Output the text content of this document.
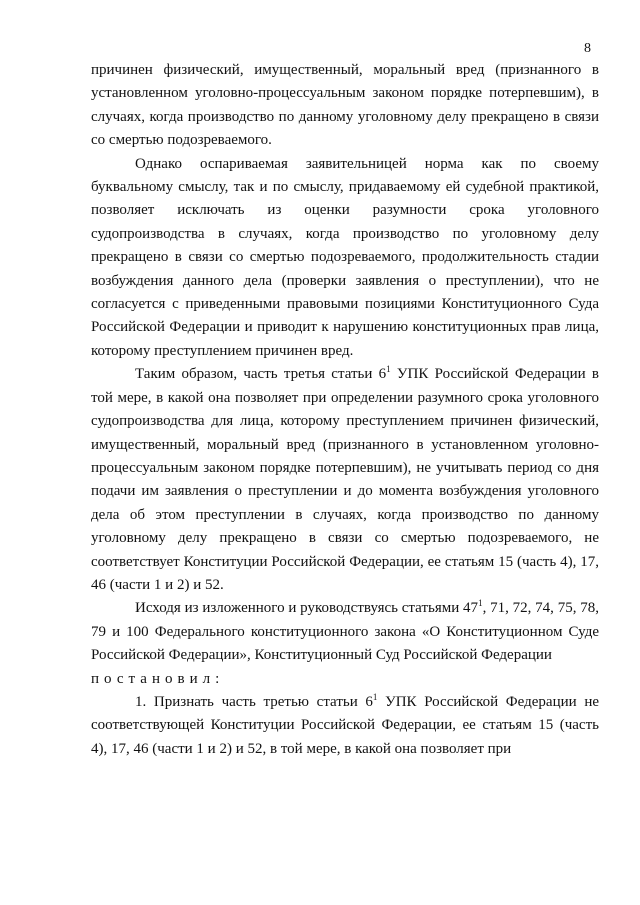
8

причинен физический, имущественный, моральный вред (признанного в установленном уголовно-процессуальным законом порядке потерпевшим), в случаях, когда производство по данному уголовному делу прекращено в связи со смертью подозреваемого.

Однако оспариваемая заявительницей норма как по своему буквальному смыслу, так и по смыслу, придаваемому ей судебной практикой, позволяет исключать из оценки разумности срока уголовного судопроизводства в случаях, когда производство по уголовному делу прекращено в связи со смертью подозреваемого, продолжительность стадии возбуждения данного дела (проверки заявления о преступлении), что не согласуется с приведенными правовыми позициями Конституционного Суда Российской Федерации и приводит к нарушению конституционных прав лица, которому преступлением причинен вред.

Таким образом, часть третья статьи $6^1$ УПК Российской Федерации в той мере, в какой она позволяет при определении разумного срока уголовного судопроизводства для лица, которому преступлением причинен физический, имущественный, моральный вред (признанного в установленном уголовно-процессуальным законом порядке потерпевшим), не учитывать период со дня подачи им заявления о преступлении и до момента возбуждения уголовного дела об этом преступлении в случаях, когда производство по данному уголовному делу прекращено в связи со смертью подозреваемого, не соответствует Конституции Российской Федерации, ее статьям 15 (часть 4), 17, 46 (части 1 и 2) и 52.

Исходя из изложенного и руководствуясь статьями $47^1$, 71, 72, 74, 75, 78, 79 и 100 Федерального конституционного закона «О Конституционном Суде Российской Федерации», Конституционный Суд Российской Федерации

постановил:

1. Признать часть третью статьи $6^1$ УПК Российской Федерации не соответствующей Конституции Российской Федерации, ее статьям 15 (часть 4), 17, 46 (части 1 и 2) и 52, в той мере, в какой она позволяет при
